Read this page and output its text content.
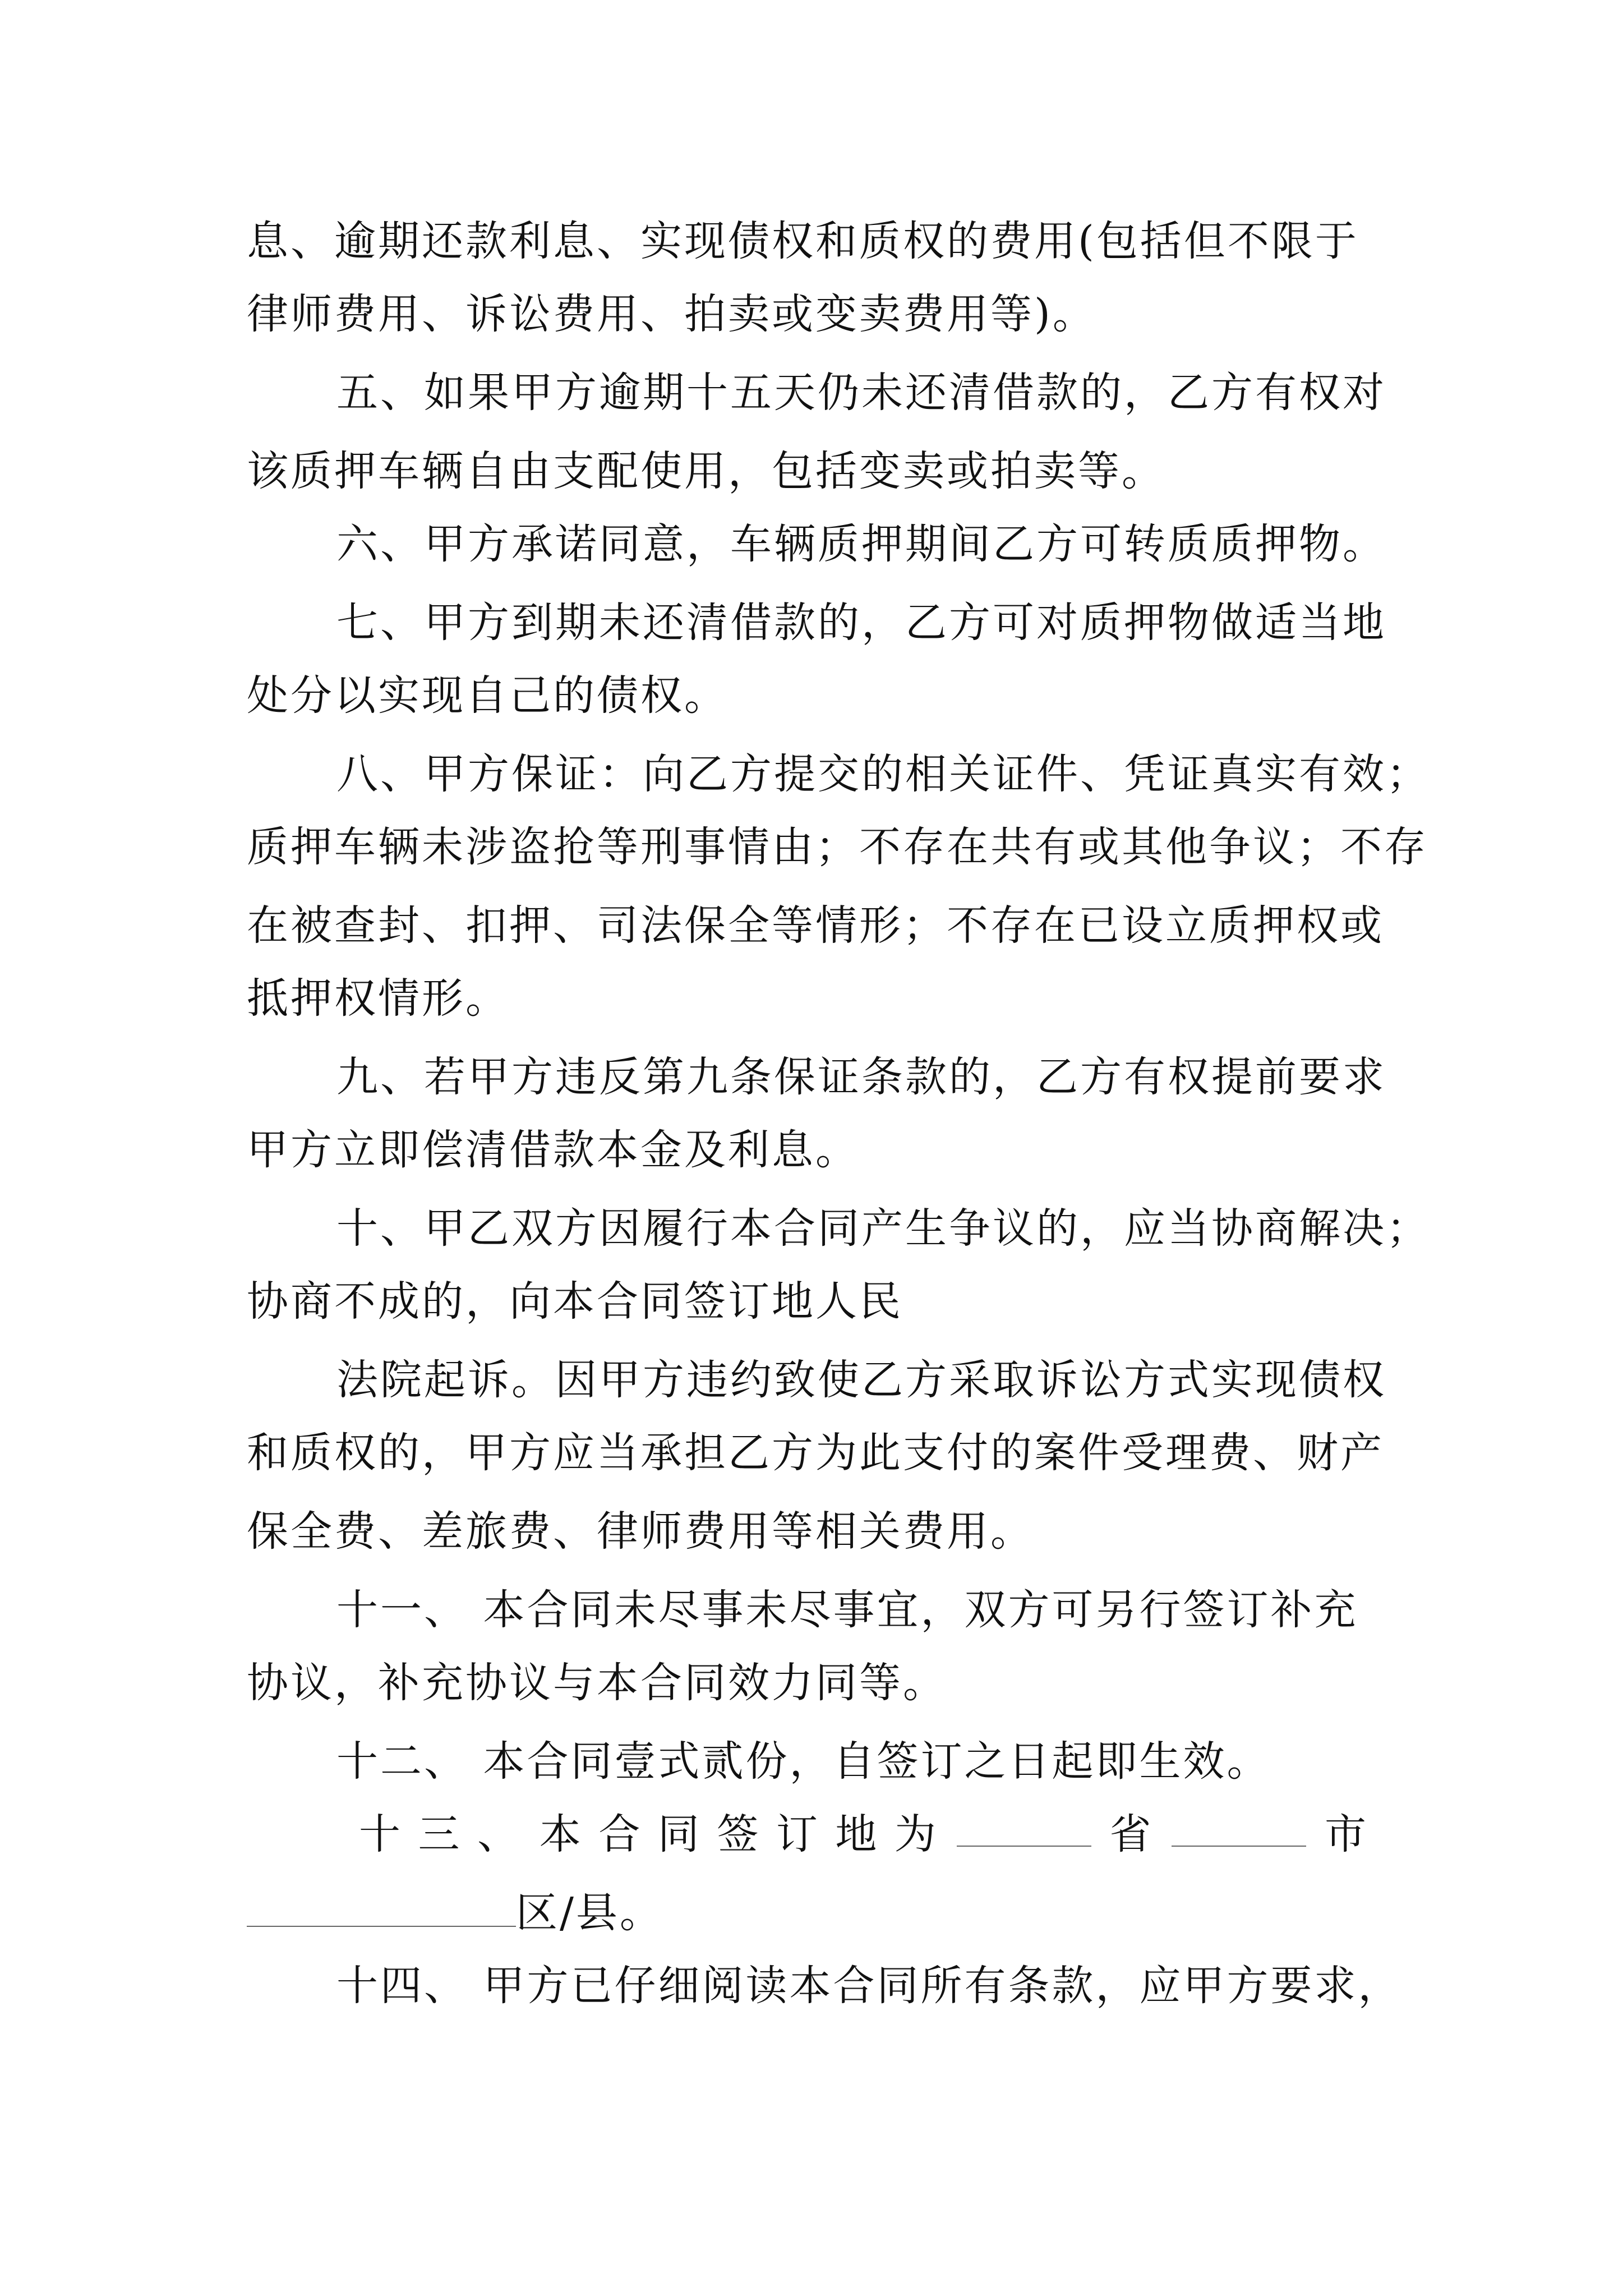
息、逾期还款利息、实现债权和质权的费用(包括但不限于
律师费用、诉讼费用、拍卖或变卖费用等)。
五、如果甲方逾期十五天仍未还清借款的，乙方有权对
该质押车辆自由支配使用，包括变卖或拍卖等。
六、甲方承诺同意，车辆质押期间乙方可转质质押物。
七、甲方到期未还清借款的，乙方可对质押物做适当地
处分以实现自己的债权。
八、甲方保证：向乙方提交的相关证件、凭证真实有效；
质押车辆未涉盗抢等刑事情由；不存在共有或其他争议；不存
在被查封、扣押、司法保全等情形；不存在已设立质押权或
抵押权情形。
九、若甲方违反第九条保证条款的，乙方有权提前要求
甲方立即偿清借款本金及利息。
十、甲乙双方因履行本合同产生争议的，应当协商解决；
协商不成的，向本合同签订地人民
法院起诉。因甲方违约致使乙方采取诉讼方式实现债权
和质权的，甲方应当承担乙方为此支付的案件受理费、财产
保全费、差旅费、律师费用等相关费用。
十一、 本合同未尽事未尽事宜，双方可另行签订补充
协议，补充协议与本合同效力同等。
十二、 本合同壹式贰份，自签订之日起即生效。
十 三 、 本 合 同 签 订 地 为	省	市
区/县。
十四、 甲方已仔细阅读本合同所有条款，应甲方要求，
